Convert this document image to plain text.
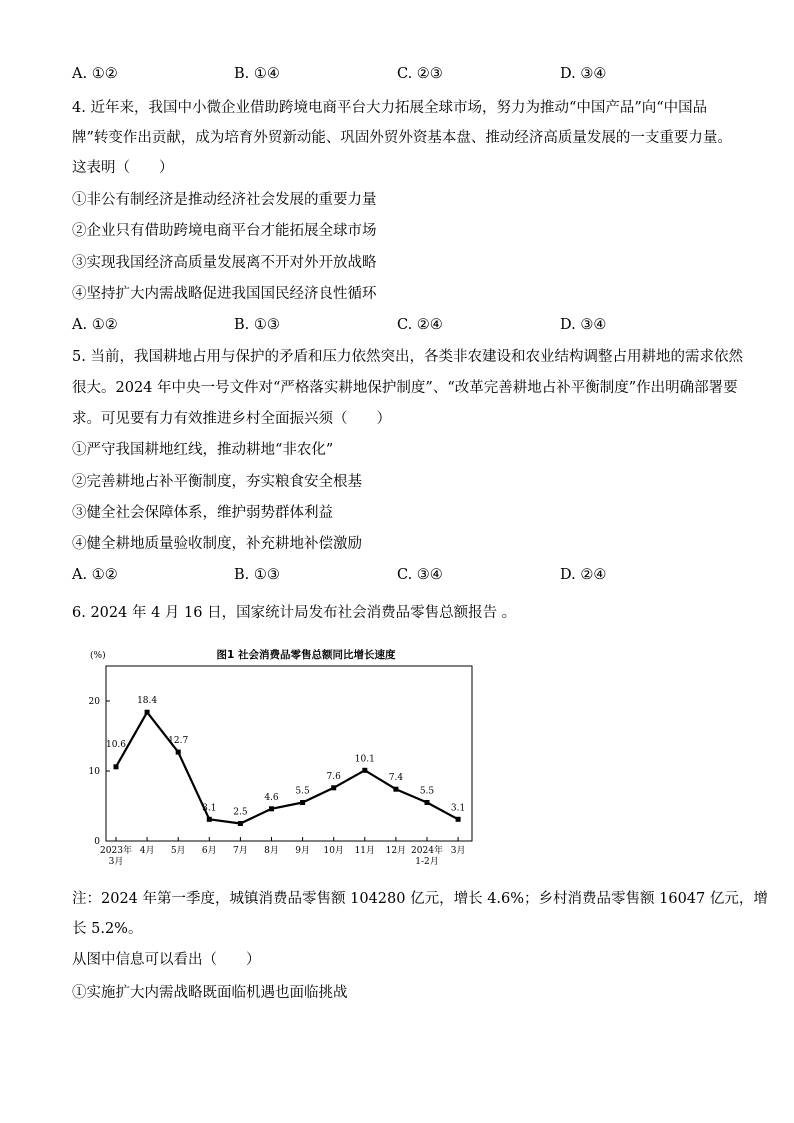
A. ①②	B. ①④	C. ②③	D. ③④
4. 近年来，我国中小微企业借助跨境电商平台大力拓展全球市场，努力为推动“中国产品”向“中国品
牌”转变作出贡献，成为培育外贸新动能、巩固外贸外资基本盘、推动经济高质量发展的一支重要力量。
这表明（　　）
①非公有制经济是推动经济社会发展的重要力量
②企业只有借助跨境电商平台才能拓展全球市场
③实现我国经济高质量发展离不开对外开放战略
④坚持扩大内需战略促进我国国民经济良性循环
A. ①②	B. ①③	C. ②④	D. ③④
5. 当前，我国耕地占用与保护的矛盾和压力依然突出，各类非农建设和农业结构调整占用耕地的需求依然
很大。2024 年中央一号文件对“严格落实耕地保护制度”、“改革完善耕地占补平衡制度”作出明确部署要
求。可见要有力有效推进乡村全面振兴须（　　）
①严守我国耕地红线，推动耕地“非农化”
②完善耕地占补平衡制度，夯实粮食安全根基
③健全社会保障体系，维护弱势群体利益
④健全耕地质量验收制度，补充耕地补偿激励
A. ①②	B. ①③	C. ③④	D. ②④
6. 2024 年 4 月 16 日，国家统计局发布社会消费品零售总额报告 。
图1 社会消费品零售总额同比增长速度
(%)
0
10
20
2023年
3月
4月 5月 6月 7月 8月 9月 10月 11月 12月 2024年
1-2月
3月
10.6
18.4
12.7
3.1 2.5
4.6
5.5
7.6
10.1
7.4
5.5
3.1
注：2024 年第一季度，城镇消费品零售额 104280 亿元，增长 4.6%；乡村消费品零售额 16047 亿元，增
长 5.2%。
从图中信息可以看出（　　）
①实施扩大内需战略既面临机遇也面临挑战
